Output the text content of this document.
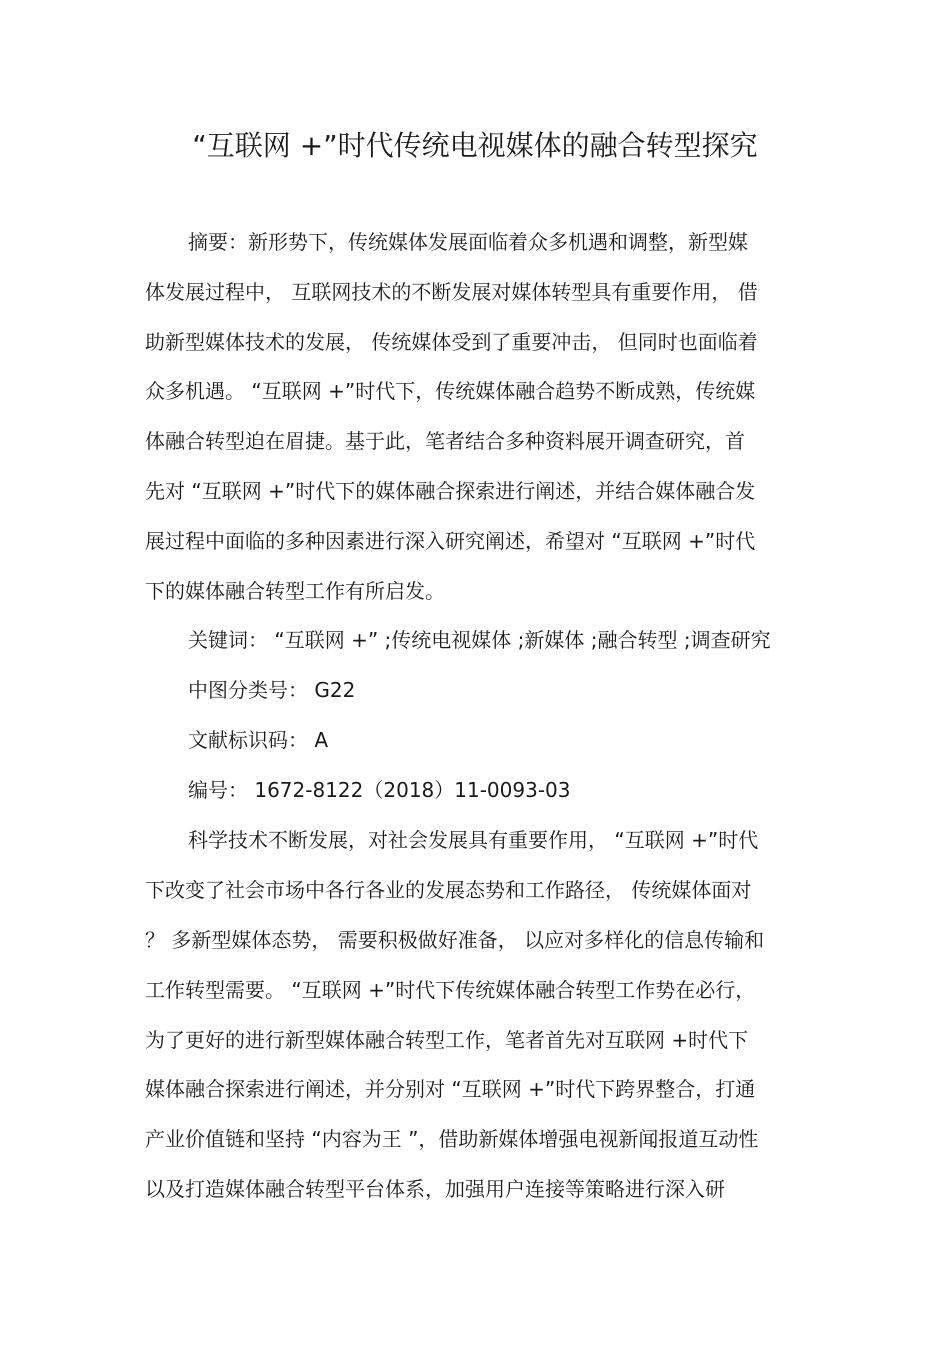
“互联网 +”时代传统电视媒体的融合转型探究

摘要：新形势下，传统媒体发展面临着众多机遇和调整，新型媒

体发展过程中， 互联网技术的不断发展对媒体转型具有重要作用， 借

助新型媒体技术的发展， 传统媒体受到了重要冲击， 但同时也面临着

众多机遇。 “互联网 +”时代下，传统媒体融合趋势不断成熟，传统媒

体融合转型迫在眉捷。基于此，笔者结合多种资料展开调查研究，首

先对 “互联网 +”时代下的媒体融合探索进行阐述，并结合媒体融合发

展过程中面临的多种因素进行深入研究阐述，希望对 “互联网 +”时代

下的媒体融合转型工作有所启发。

关键词： “互联网 +” ;传统电视媒体 ;新媒体 ;融合转型 ;调查研究

中图分类号： G22

文献标识码： A

编号： 1672-8122（2018）11-0093-03

科学技术不断发展，对社会发展具有重要作用， “互联网 +”时代

下改变了社会市场中各行各业的发展态势和工作路径， 传统媒体面对

？ 多新型媒体态势， 需要积极做好准备， 以应对多样化的信息传输和

工作转型需要。 “互联网 +”时代下传统媒体融合转型工作势在必行，

为了更好的进行新型媒体融合转型工作，笔者首先对互联网 +时代下

媒体融合探索进行阐述，并分别对 “互联网 +”时代下跨界整合，打通

产业价值链和坚持 “内容为王 ”，借助新媒体增强电视新闻报道互动性

以及打造媒体融合转型平台体系，加强用户连接等策略进行深入研
